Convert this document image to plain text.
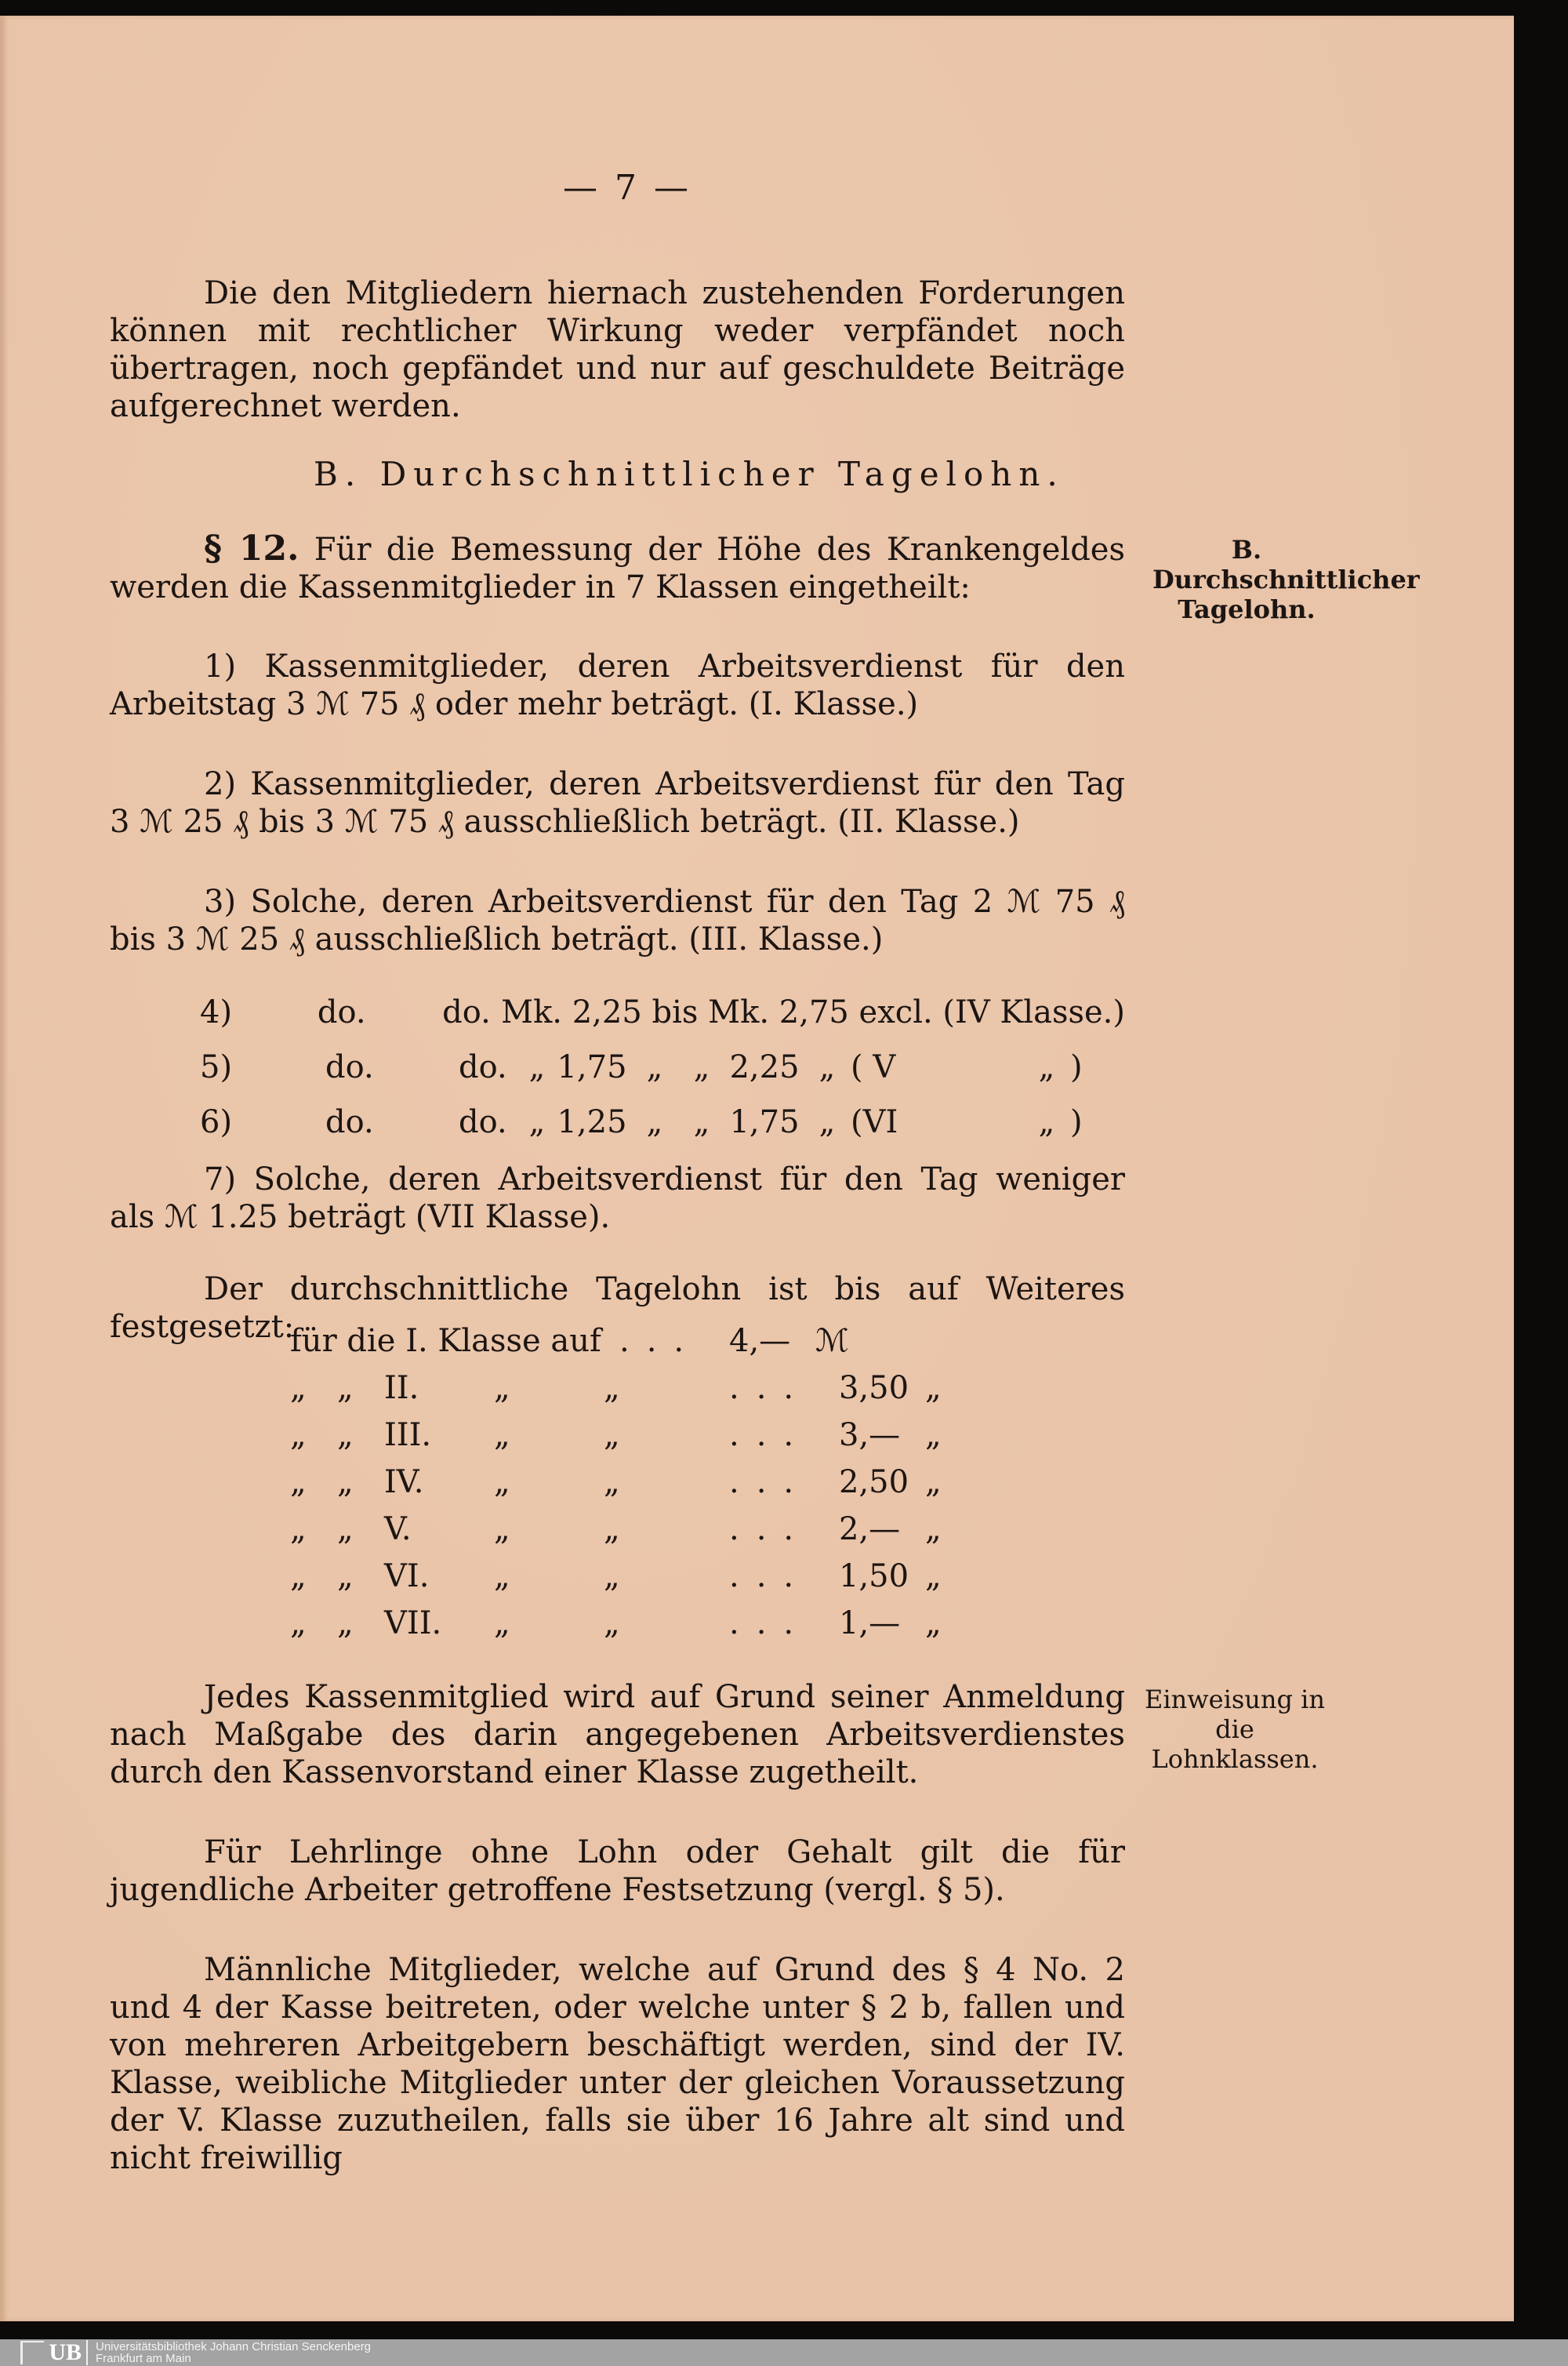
— 7 —

Die den Mitgliedern hiernach zustehenden Forderungen können mit rechtlicher Wirkung weder verpfändet noch übertragen, noch gepfändet und nur auf geschuldete Beiträge aufgerechnet werden.

B. Durchschnittlicher Tagelohn.

§ 12. Für die Bemessung der Höhe des Krankengeldes werden die Kassenmitglieder in 7 Klassen eingetheilt:

B. Durchschnittlicher Tagelohn.

1) Kassenmitglieder, deren Arbeitsverdienst für den Arbeitstag 3 ℳ 75 ₰ oder mehr beträgt. (I. Klasse.)

2) Kassenmitglieder, deren Arbeitsverdienst für den Tag 3 ℳ 25 ₰ bis 3 ℳ 75 ₰ ausschließlich beträgt. (II. Klasse.)

3) Solche, deren Arbeitsverdienst für den Tag 2 ℳ 75 ₰ bis 3 ℳ 25 ₰ ausschließlich beträgt. (III. Klasse.)

4)	do.	do. Mk. 2,25 bis Mk. 2,75 excl. (IV Klasse.)
5)	do.	do. „ 1,75 „ „ 2,25 „ ( V	„ )
6)	do.	do. „ 1,25 „ „ 1,75 „ (VI	„ )

7) Solche, deren Arbeitsverdienst für den Tag weniger als ℳ 1.25 beträgt (VII Klasse).

Der durchschnittliche Tagelohn ist bis auf Weiteres festgesetzt:

für die I. Klasse auf ... 4,— ℳ
„ „ II.	„	„	... 3,50 „
„ „ III.	„	„	... 3,— „
„ „ IV.	„	„	... 2,50 „
„ „ V.	„	„	... 2,— „
„ „ VI.	„	„	... 1,50 „
„ „ VII.	„	„	... 1,— „

Jedes Kassenmitglied wird auf Grund seiner Anmeldung nach Maßgabe des darin angegebenen Arbeitsverdienstes durch den Kassenvorstand einer Klasse zugetheilt.

Einweisung in die Lohnklassen.

Für Lehrlinge ohne Lohn oder Gehalt gilt die für jugendliche Arbeiter getroffene Festsetzung (vergl. § 5).

Männliche Mitglieder, welche auf Grund des § 4 No. 2 und 4 der Kasse beitreten, oder welche unter § 2 b, fallen und von mehreren Arbeitgebern beschäftigt werden, sind der IV. Klasse, weibliche Mitglieder unter der gleichen Voraussetzung der V. Klasse zuzutheilen, falls sie über 16 Jahre alt sind und nicht freiwillig

UB Universitätsbibliothek Johann Christian Senckenberg
Frankfurt am Main
